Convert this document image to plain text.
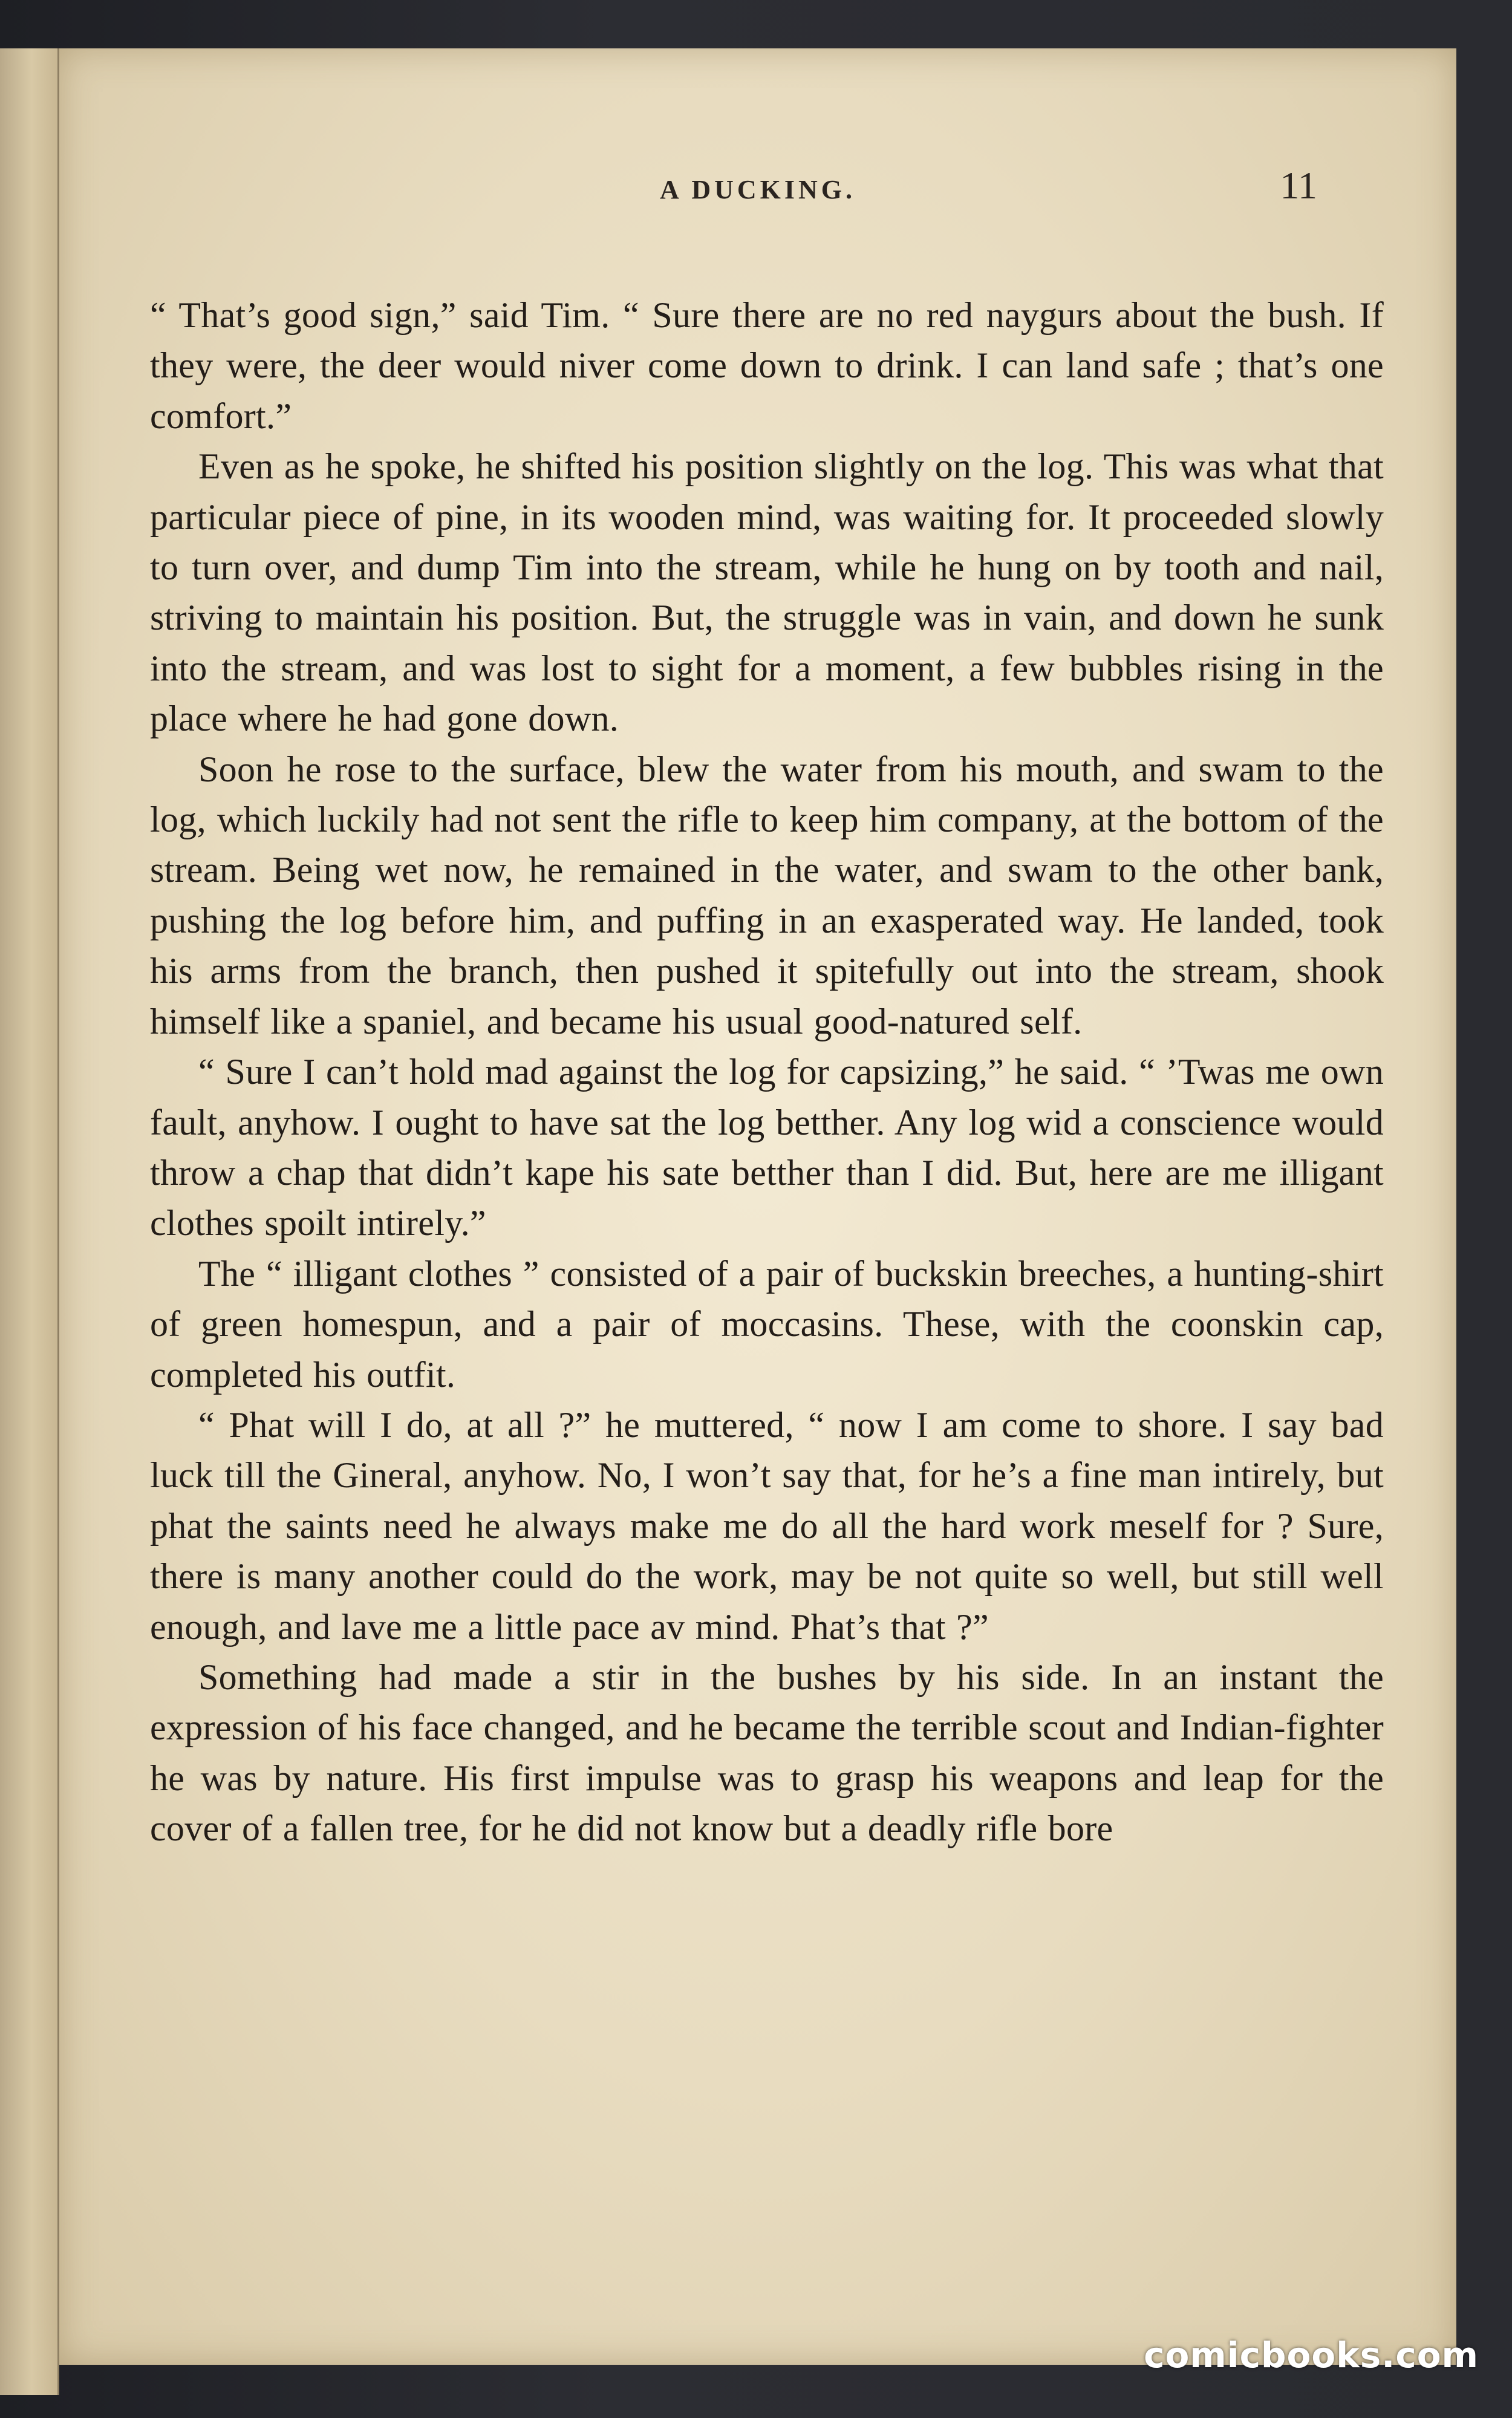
A DUCKING.	11

“ That’s good sign,” said Tim. “ Sure there are no red naygurs about the bush. If they were, the deer would niver come down to drink. I can land safe ; that’s one comfort.”

Even as he spoke, he shifted his position slightly on the log. This was what that particular piece of pine, in its wooden mind, was waiting for. It proceeded slowly to turn over, and dump Tim into the stream, while he hung on by tooth and nail, striving to maintain his position. But, the struggle was in vain, and down he sunk into the stream, and was lost to sight for a moment, a few bubbles rising in the place where he had gone down.

Soon he rose to the surface, blew the water from his mouth, and swam to the log, which luckily had not sent the rifle to keep him company, at the bottom of the stream. Being wet now, he remained in the water, and swam to the other bank, pushing the log before him, and puffing in an exasperated way. He landed, took his arms from the branch, then pushed it spitefully out into the stream, shook himself like a spaniel, and became his usual good-natured self.

“ Sure I can’t hold mad against the log for capsizing,” he said. “ ’Twas me own fault, anyhow. I ought to have sat the log betther. Any log wid a conscience would throw a chap that didn’t kape his sate betther than I did. But, here are me illigant clothes spoilt intirely.”

The “ illigant clothes ” consisted of a pair of buckskin breeches, a hunting-shirt of green homespun, and a pair of moccasins. These, with the coonskin cap, completed his outfit.

“ Phat will I do, at all ?” he muttered, “ now I am come to shore. I say bad luck till the Gineral, anyhow. No, I won’t say that, for he’s a fine man intirely, but phat the saints need he always make me do all the hard work meself for ? Sure, there is many another could do the work, may be not quite so well, but still well enough, and lave me a little pace av mind. Phat’s that ?”

Something had made a stir in the bushes by his side. In an instant the expression of his face changed, and he became the terrible scout and Indian-fighter he was by nature. His first impulse was to grasp his weapons and leap for the cover of a fallen tree, for he did not know but a deadly rifle bore

comicbooks.com
